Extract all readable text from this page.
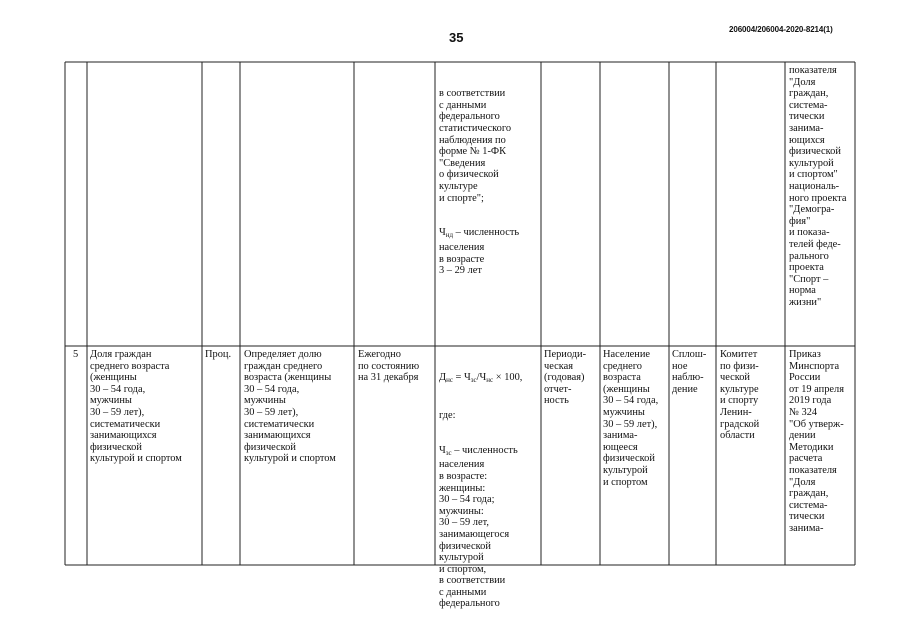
35
206004/206004-2020-8214(1)

в соответствии
с данными
федерального
статистического
наблюдения по
форме № 1-ФК
"Сведения
о физической
культуре
и спорте";

$Ч_{нд}$ – численность
населения
в возрасте
3 – 29 лет

показателя
"Доля
граждан,
система-
тически
занима-
ющихся
физической
культурой
и спортом"
националь-
ного проекта
"Демогра-
фия"
и показа-
телей феде-
рального
проекта
"Спорт –
норма
жизни"
5 Доля граждан
среднего возраста
(женщины
30 – 54 года,
мужчины
30 – 59 лет),
систематически
занимающихся
физической
культурой и спортом
Проц. Определяет долю
граждан среднего
возраста (женщины
30 – 54 года,
мужчины
30 – 59 лет),
систематически
занимающихся
физической
культурой и спортом
Ежегодно
по состоянию
на 31 декабря

$Д_{нс} = Ч_{зс}/Ч_{нс} \times 100$,

где:

$Ч_{зс}$ – численность
населения
в возрасте:
женщины:
30 – 54 года;
мужчины:
30 – 59 лет,
занимающегося
физической
культурой
и спортом,
в соответствии
с данными
федерального

Периоди-
ческая
(годовая)
отчет-
ность
Население
среднего
возраста
(женщины
30 – 54 года,
мужчины
30 – 59 лет),
занима-
ющееся
физической
культурой
и спортом
Сплош-
ное
наблю-
дение
Комитет
по физи-
ческой
культуре
и спорту
Ленин-
градской
области
Приказ
Минспорта
России
от 19 апреля
2019 года
№ 324
"Об утверж-
дении
Методики
расчета
показателя
"Доля
граждан,
система-
тически
занима-
